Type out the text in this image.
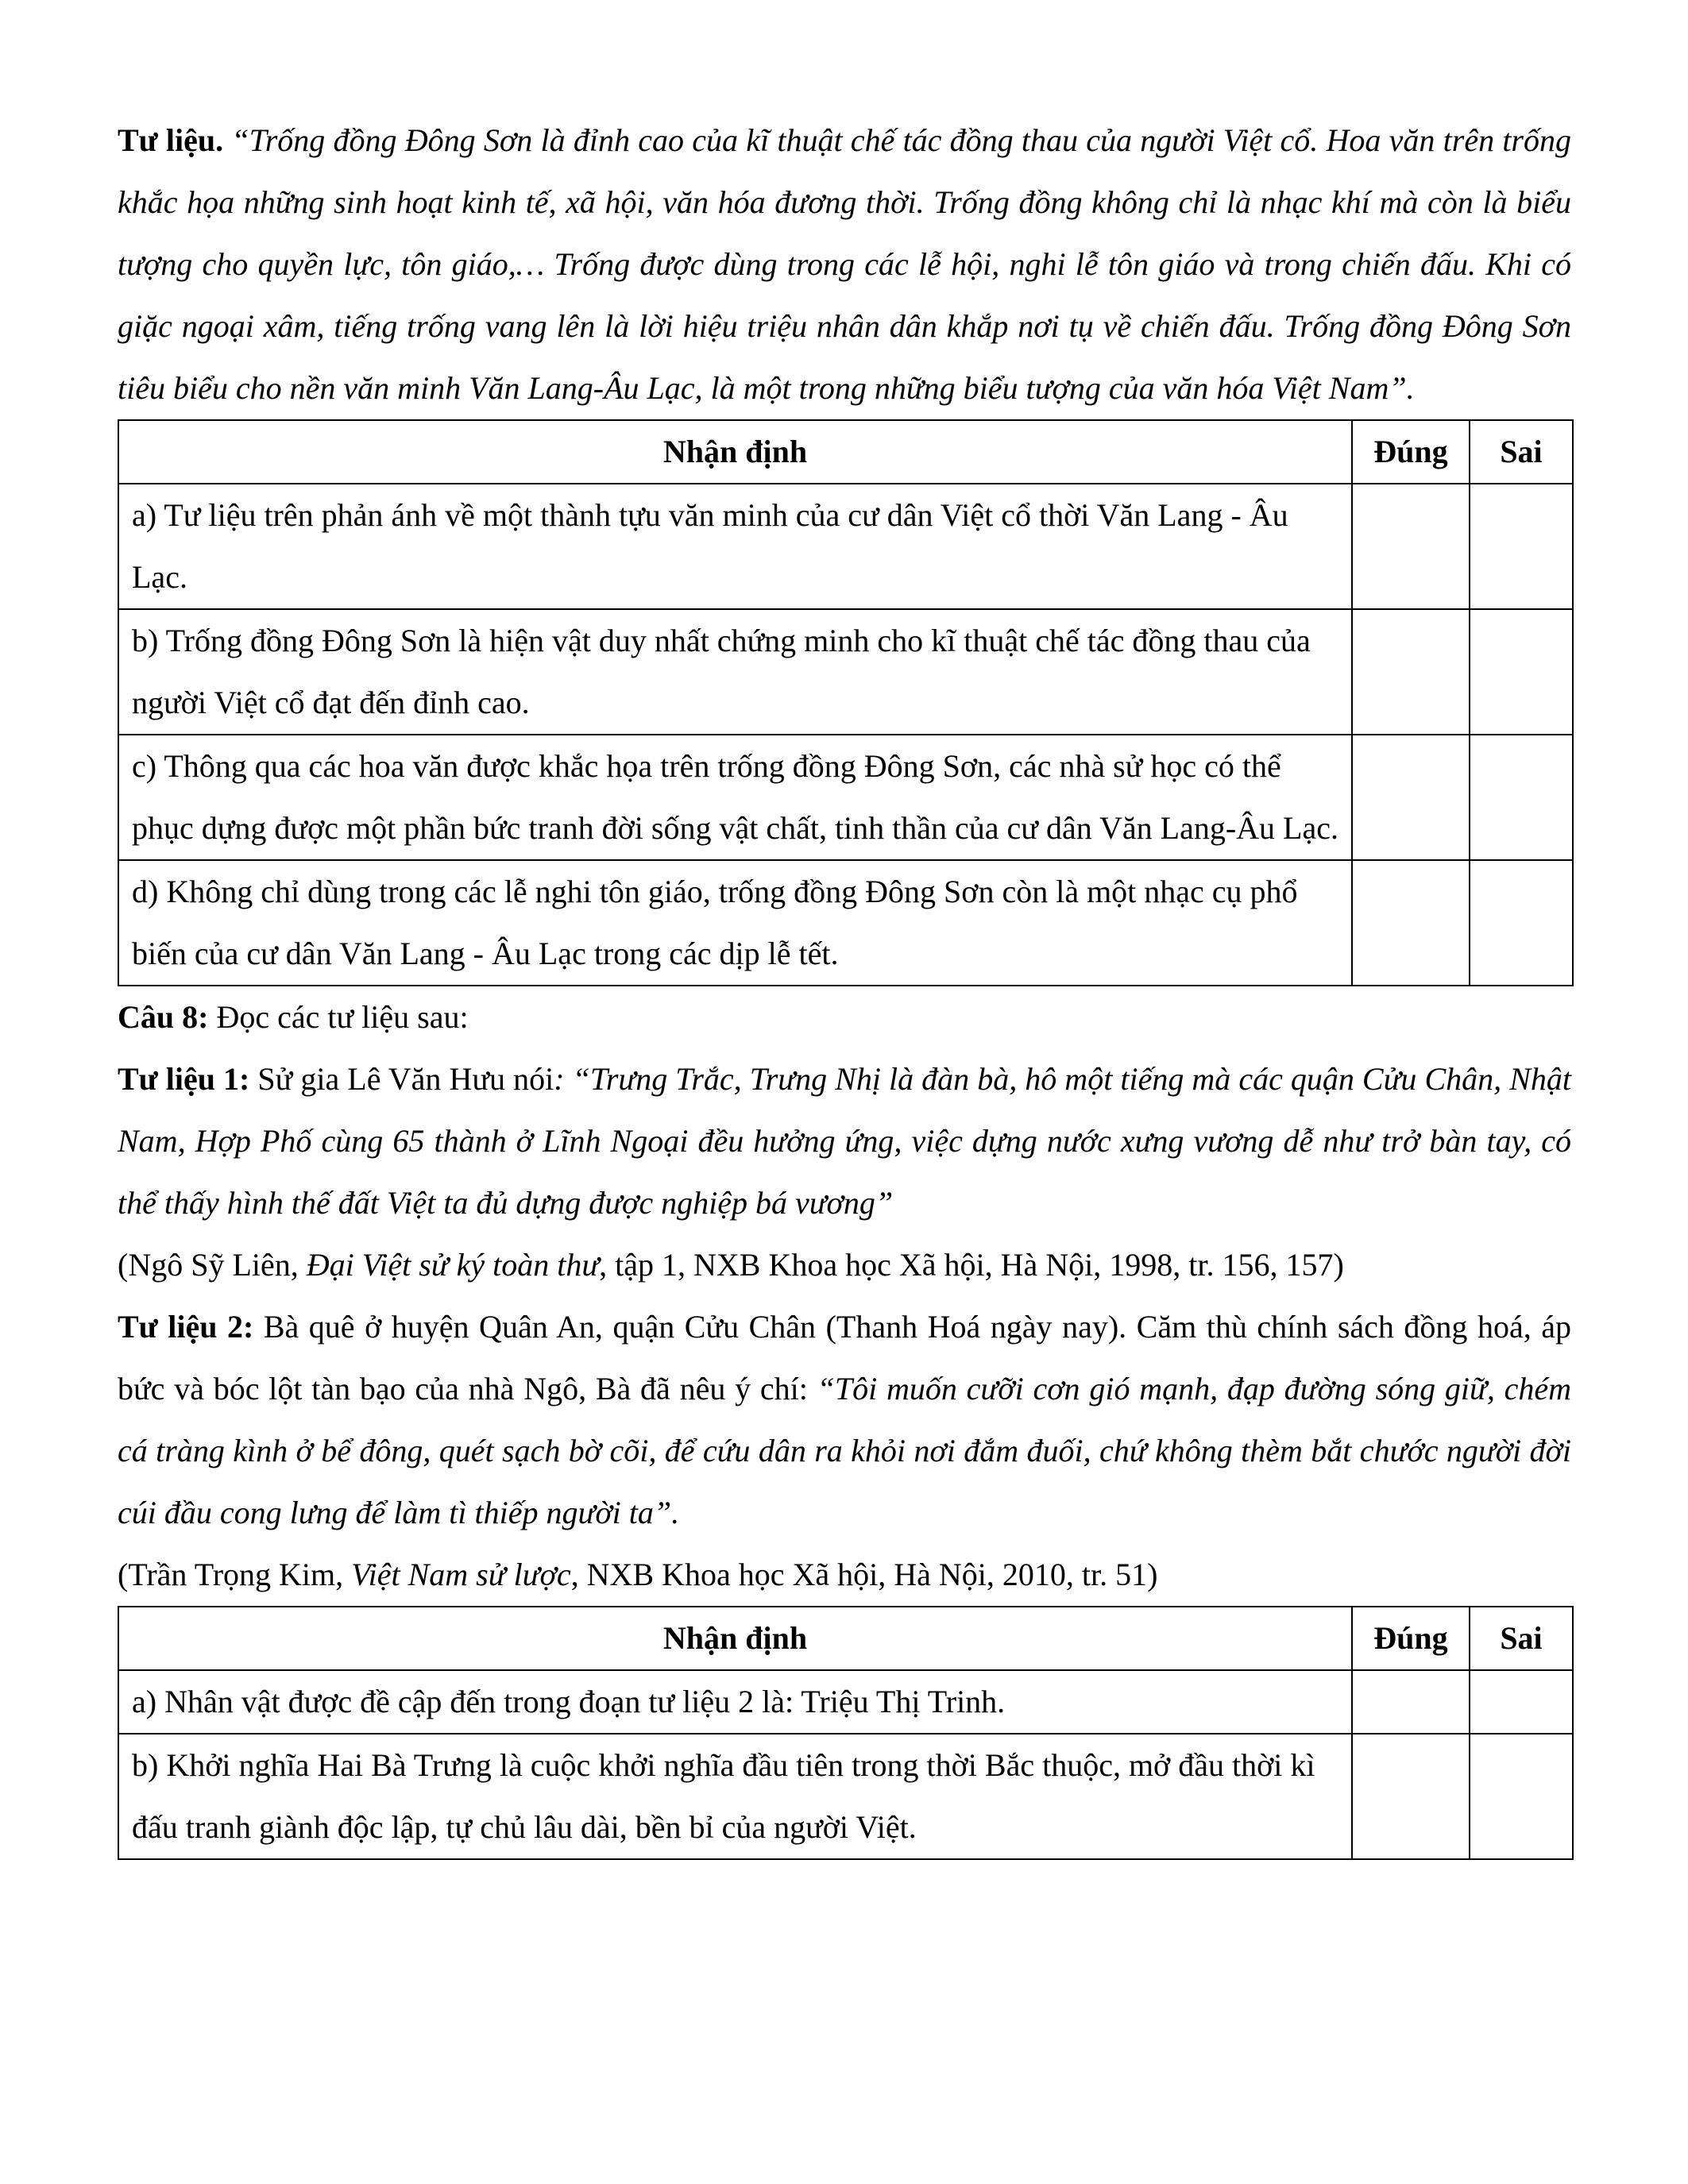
Tư liệu. “Trống đồng Đông Sơn là đỉnh cao của kĩ thuật chế tác đồng thau của người Việt cổ. Hoa văn trên trống khắc họa những sinh hoạt kinh tế, xã hội, văn hóa đương thời. Trống đồng không chỉ là nhạc khí mà còn là biểu tượng cho quyền lực, tôn giáo,… Trống được dùng trong các lễ hội, nghi lễ tôn giáo và trong chiến đấu. Khi có giặc ngoại xâm, tiếng trống vang lên là lời hiệu triệu nhân dân khắp nơi tụ về chiến đấu. Trống đồng Đông Sơn tiêu biểu cho nền văn minh Văn Lang-Âu Lạc, là một trong những biểu tượng của văn hóa Việt Nam”.

Nhận định	Đúng	Sai
a) Tư liệu trên phản ánh về một thành tựu văn minh của cư dân Việt cổ thời Văn Lang - Âu Lạc.		
b) Trống đồng Đông Sơn là hiện vật duy nhất chứng minh cho kĩ thuật chế tác đồng thau của người Việt cổ đạt đến đỉnh cao.		
c) Thông qua các hoa văn được khắc họa trên trống đồng Đông Sơn, các nhà sử học có thể phục dựng được một phần bức tranh đời sống vật chất, tinh thần của cư dân Văn Lang-Âu Lạc.		
d) Không chỉ dùng trong các lễ nghi tôn giáo, trống đồng Đông Sơn còn là một nhạc cụ phổ biến của cư dân Văn Lang - Âu Lạc trong các dịp lễ tết.		

Câu 8: Đọc các tư liệu sau:

Tư liệu 1: Sử gia Lê Văn Hưu nói: “Trưng Trắc, Trưng Nhị là đàn bà, hô một tiếng mà các quận Cửu Chân, Nhật Nam, Hợp Phố cùng 65 thành ở Lĩnh Ngoại đều hưởng ứng, việc dựng nước xưng vương dễ như trở bàn tay, có thể thấy hình thế đất Việt ta đủ dựng được nghiệp bá vương”

(Ngô Sỹ Liên, Đại Việt sử ký toàn thư, tập 1, NXB Khoa học Xã hội, Hà Nội, 1998, tr. 156, 157)

Tư liệu 2: Bà quê ở huyện Quân An, quận Cửu Chân (Thanh Hoá ngày nay). Căm thù chính sách đồng hoá, áp bức và bóc lột tàn bạo của nhà Ngô, Bà đã nêu ý chí: “Tôi muốn cưỡi cơn gió mạnh, đạp đường sóng giữ, chém cá tràng kình ở bể đông, quét sạch bờ cõi, để cứu dân ra khỏi nơi đắm đuối, chứ không thèm bắt chước người đời cúi đầu cong lưng để làm tì thiếp người ta”.

(Trần Trọng Kim, Việt Nam sử lược, NXB Khoa học Xã hội, Hà Nội, 2010, tr. 51)

Nhận định	Đúng	Sai
a) Nhân vật được đề cập đến trong đoạn tư liệu 2 là: Triệu Thị Trinh.		
b) Khởi nghĩa Hai Bà Trưng là cuộc khởi nghĩa đầu tiên trong thời Bắc thuộc, mở đầu thời kì đấu tranh giành độc lập, tự chủ lâu dài, bền bỉ của người Việt.		
